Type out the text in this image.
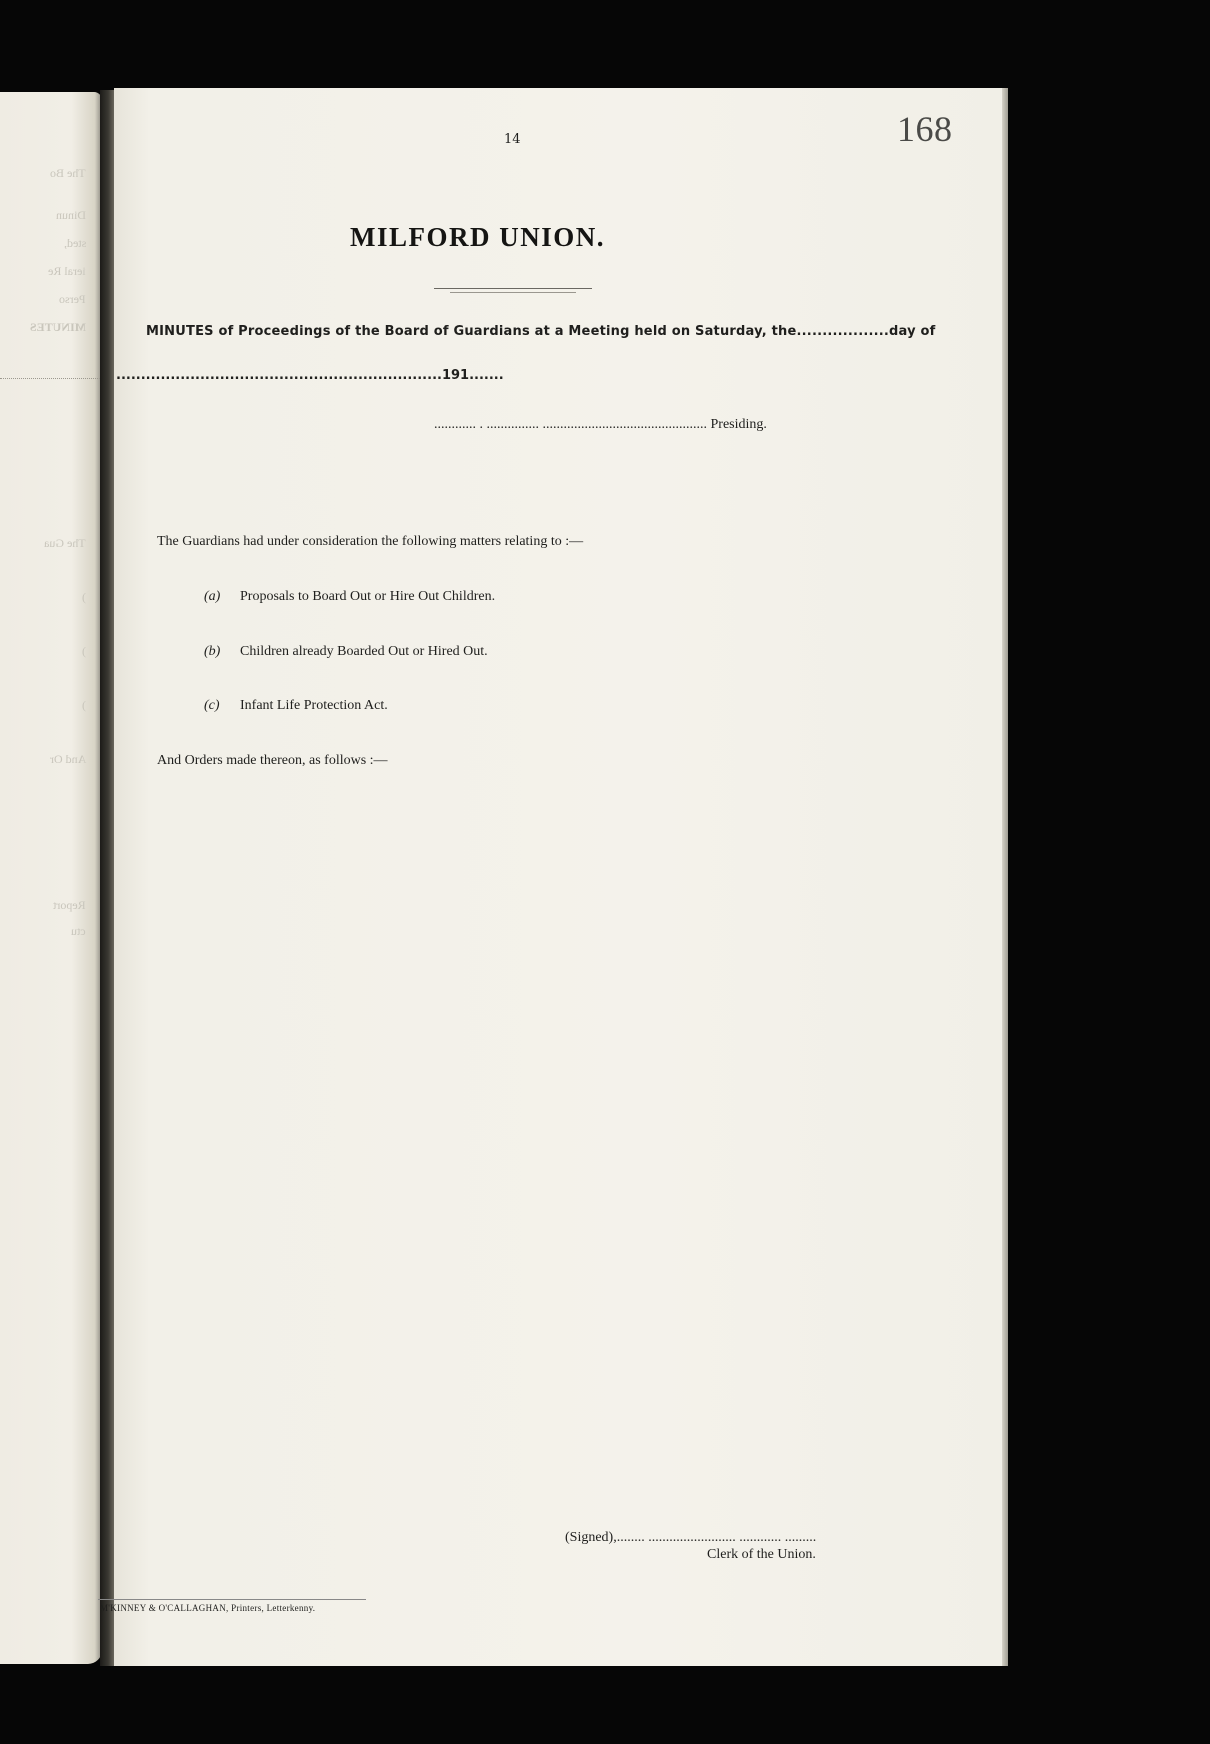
The Bo
Dinun
sted,
ieral Re
Perso
MINUTES
The Gua
)
)
)
And Or
Report
ctu
14	168
MILFORD UNION.
MINUTES of Proceedings of the Board of Guardians at a Meeting held on Saturday, the..................day of
..................................................................191.......
............ . ............... ............................................... Presiding.
The Guardians had under consideration the following matters relating to :—
(a) Proposals to Board Out or Hire Out Children.
(b) Children already Boarded Out or Hired Out.
(c) Infant Life Protection Act.
And Orders made thereon, as follows :—
(Signed),........ ......................... ............ .........
Clerk of the Union.
M'KINNEY & O'CALLAGHAN, Printers, Letterkenny.
